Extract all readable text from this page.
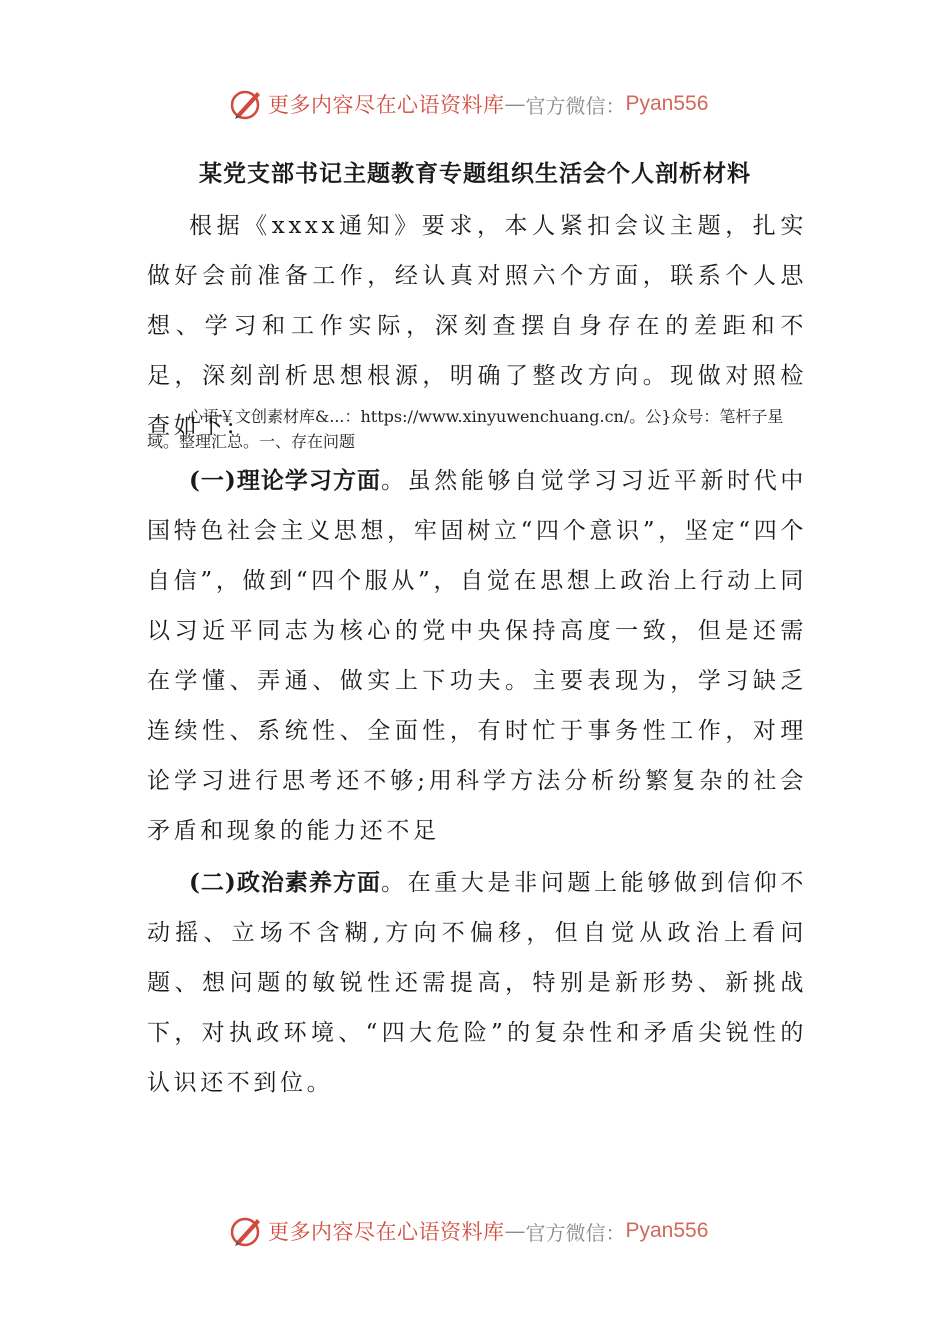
更多内容尽在心语资料库 — 官方微信： Pyan556
某党支部书记主题教育专题组织生活会个人剖析材料

根据《xxxx通知》要求，本人紧扣会议主题，扎实做好会前准备工作，经认真对照六个方面，联系个人思想、学习和工作实际，深刻查摆自身存在的差距和不足，深刻剖析思想根源，明确了整改方向。现做对照检查如下:

心语￥文创素材库&...：https://www.xinyuwenchuang.cn/。公}众号：笔杆子星域。整理汇总。一、存在问题

(一)理论学习方面。虽然能够自觉学习习近平新时代中国特色社会主义思想，牢固树立“四个意识”，坚定“四个自信”，做到“四个服从”，自觉在思想上政治上行动上同以习近平同志为核心的党中央保持高度一致，但是还需在学懂、弄通、做实上下功夫。主要表现为，学习缺乏连续性、系统性、全面性，有时忙于事务性工作，对理论学习进行思考还不够;用科学方法分析纷繁复杂的社会矛盾和现象的能力还不足

(二)政治素养方面。在重大是非问题上能够做到信仰不动摇、立场不含糊,方向不偏移，但自觉从政治上看问题、想问题的敏锐性还需提高，特别是新形势、新挑战下，对执政环境、“四大危险”的复杂性和矛盾尖锐性的认识还不到位。

更多内容尽在心语资料库 — 官方微信： Pyan556
